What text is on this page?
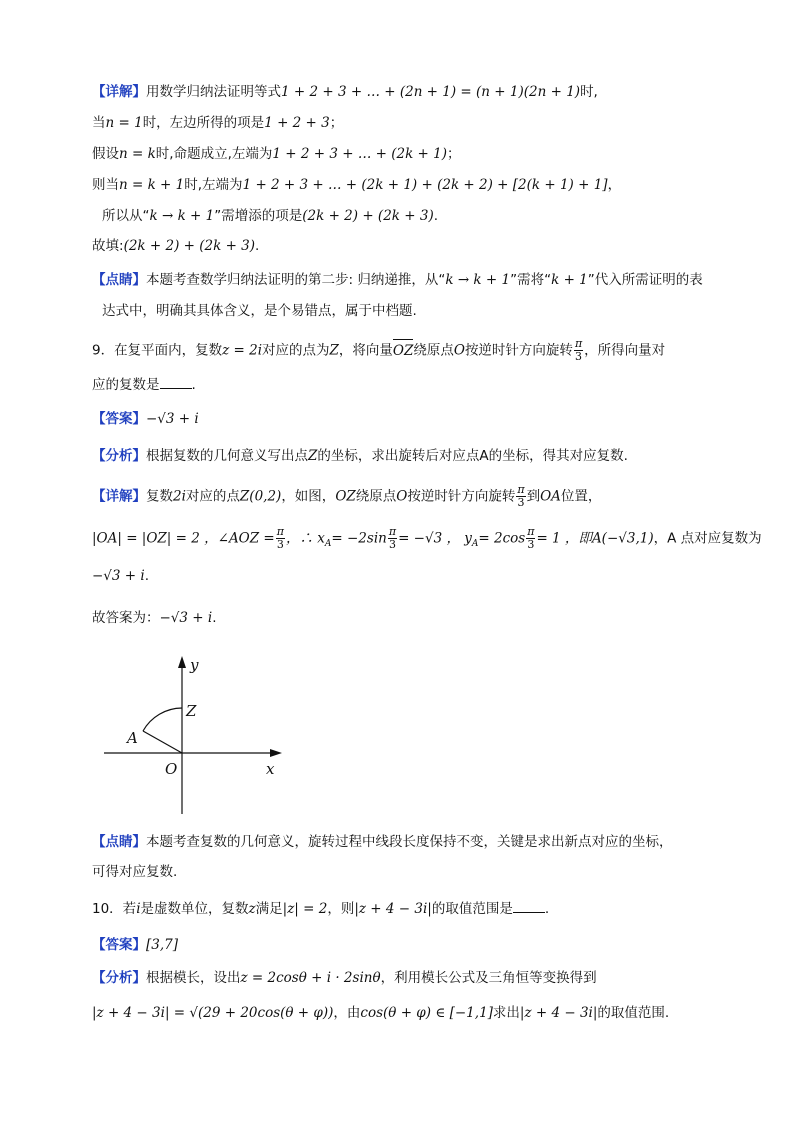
【详解】用数学归纳法证明等式1 + 2 + 3 + … + (2n + 1) = (n + 1)(2n + 1)时,
当n = 1时，左边所得的项是1 + 2 + 3；
假设n = k时,命题成立,左端为1 + 2 + 3 + … + (2k + 1)；
则当n = k + 1时,左端为1 + 2 + 3 + … + (2k + 1) + (2k + 2) + [2(k + 1) + 1]，
所以从“k → k + 1”需增添的项是(2k + 2) + (2k + 3).
故填:(2k + 2) + (2k + 3).
【点睛】本题考查数学归纳法证明的第二步: 归纳递推，从“k → k + 1”需将“k + 1”代入所需证明的表
达式中，明确其具体含义，是个易错点，属于中档题.
9．在复平面内，复数z = 2i对应的点为Z，将向量OZ绕原点O按逆时针方向旋转 $\frac{\pi}{3}$ ，所得向量对
应的复数是 .
【答案】−√3 + i
【分析】根据复数的几何意义写出点Z的坐标，求出旋转后对应点A的坐标，得其对应复数.
【详解】复数2i对应的点Z(0,2)，如图，OZ绕原点O按逆时针方向旋转 $\frac{\pi}{3}$ 到OA位置，
|OA| = |OZ| = 2 ，∠AOZ = $\frac{\pi}{3}$ ，∴ $x_A= -2\sin \frac{\pi}{3} = -√3$ ， $y_A= 2\cos \frac{\pi}{3} = 1$ ，即A(−√3,1)，A 点对应复数为
−√3 + i.
故答案为：−√3 + i.
y
x
Z
A
O
【点睛】本题考查复数的几何意义，旋转过程中线段长度保持不变，关键是求出新点对应的坐标，
可得对应复数.
10．若i是虚数单位，复数z满足|z| = 2，则|z + 4 − 3i|的取值范围是 .
【答案】[3,7]
【分析】根据模长，设出z = 2cosθ + i · 2sinθ，利用模长公式及三角恒等变换得到
|z + 4 − 3i| = √(29 + 20cos(θ + φ))，由cos(θ + φ) ∈ [−1,1]求出|z + 4 − 3i|的取值范围.
